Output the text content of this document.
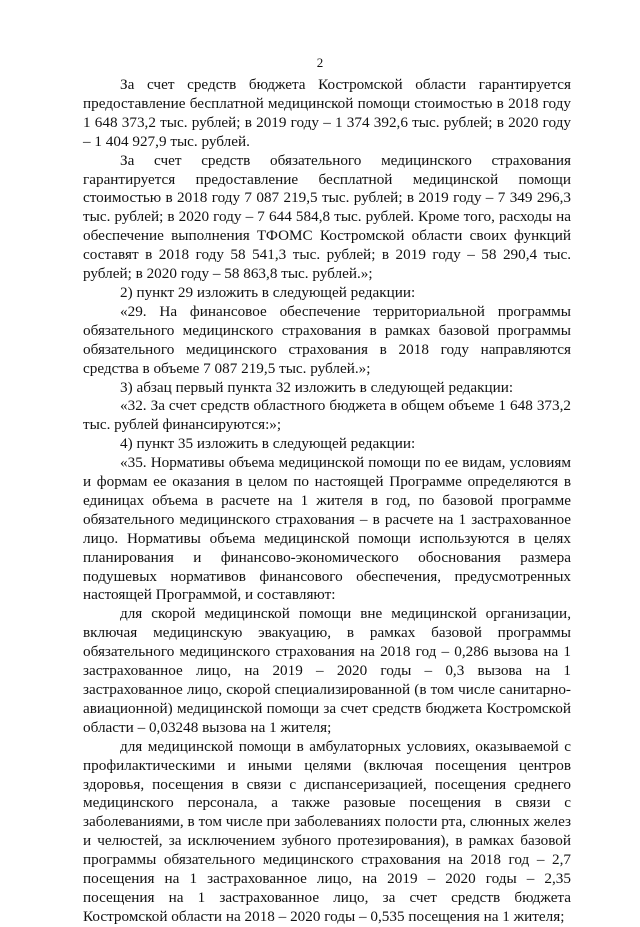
2

За счет средств бюджета Костромской области гарантируется предоставление бесплатной медицинской помощи стоимостью в 2018 году 1 648 373,2 тыс. рублей; в 2019 году – 1 374 392,6 тыс. рублей; в 2020 году – 1 404 927,9 тыс. рублей.

За счет средств обязательного медицинского страхования гарантируется предоставление бесплатной медицинской помощи стоимостью в 2018 году 7 087 219,5 тыс. рублей; в 2019 году – 7 349 296,3 тыс. рублей; в 2020 году – 7 644 584,8 тыс. рублей. Кроме того, расходы на обеспечение выполнения ТФОМС Костромской области своих функций составят в 2018 году 58 541,3 тыс. рублей; в 2019 году – 58 290,4 тыс. рублей; в 2020 году – 58 863,8 тыс. рублей.»;

2) пункт 29 изложить в следующей редакции:

«29. На финансовое обеспечение территориальной программы обязательного медицинского страхования в рамках базовой программы обязательного медицинского страхования в 2018 году направляются средства в объеме 7 087 219,5 тыс. рублей.»;

3) абзац первый пункта 32 изложить в следующей редакции:

«32. За счет средств областного бюджета в общем объеме 1 648 373,2 тыс. рублей финансируются:»;

4) пункт 35 изложить в следующей редакции:

«35. Нормативы объема медицинской помощи по ее видам, условиям и формам ее оказания в целом по настоящей Программе определяются в единицах объема в расчете на 1 жителя в год, по базовой программе обязательного медицинского страхования – в расчете на 1 застрахованное лицо. Нормативы объема медицинской помощи используются в целях планирования и финансово-экономического обоснования размера подушевых нормативов финансового обеспечения, предусмотренных настоящей Программой, и составляют:

для скорой медицинской помощи вне медицинской организации, включая медицинскую эвакуацию, в рамках базовой программы обязательного медицинского страхования на 2018 год – 0,286 вызова на 1 застрахованное лицо, на 2019 – 2020 годы – 0,3 вызова на 1 застрахованное лицо, скорой специализированной (в том числе санитарно-авиационной) медицинской помощи за счет средств бюджета Костромской области – 0,03248 вызова на 1 жителя;

для медицинской помощи в амбулаторных условиях, оказываемой с профилактическими и иными целями (включая посещения центров здоровья, посещения в связи с диспансеризацией, посещения среднего медицинского персонала, а также разовые посещения в связи с заболеваниями, в том числе при заболеваниях полости рта, слюнных желез и челюстей, за исключением зубного протезирования), в рамках базовой программы обязательного медицинского страхования на 2018 год – 2,7 посещения на 1 застрахованное лицо, на 2019 – 2020 годы – 2,35 посещения на 1 застрахованное лицо, за счет средств бюджета Костромской области на 2018 – 2020 годы – 0,535 посещения на 1 жителя;
